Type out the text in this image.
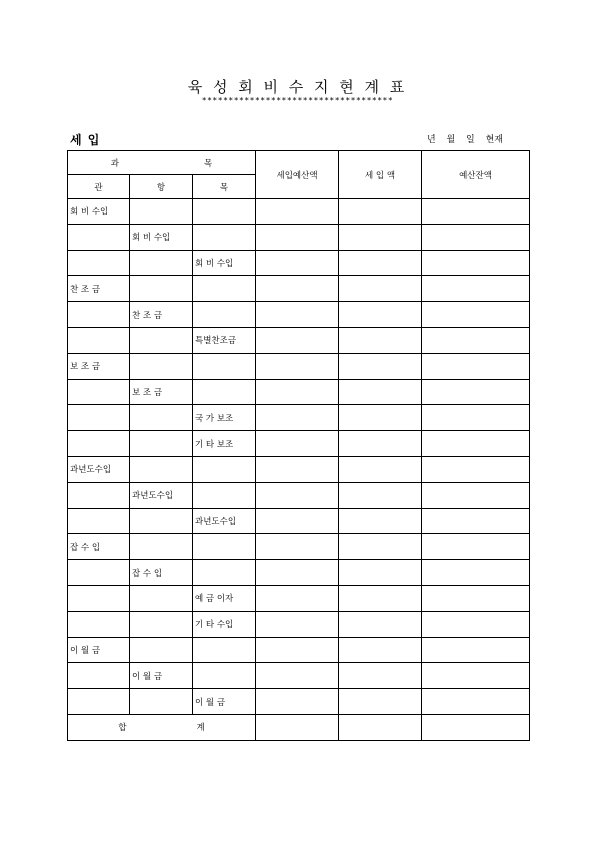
육 성 회 비 수 지 현 계 표
************************************
세 입	년 월 일 현재
과 목			세입예산액	세 입 액	예산잔액
관	항	목			
회 비 수입					
	회 비 수입				
		회 비 수입			
찬 조 금					
	찬 조 금				
		특별찬조금			
보 조 금					
	보 조 금				
		국 가 보조			
		기 타 보조			
과년도수입					
	과년도수입				
		과년도수입			
잡 수 입					
	잡 수 입				
		예 금 이자			
		기 타 수입			
이 월 금					
	이 월 금				
		이 월 금			
합 계					
